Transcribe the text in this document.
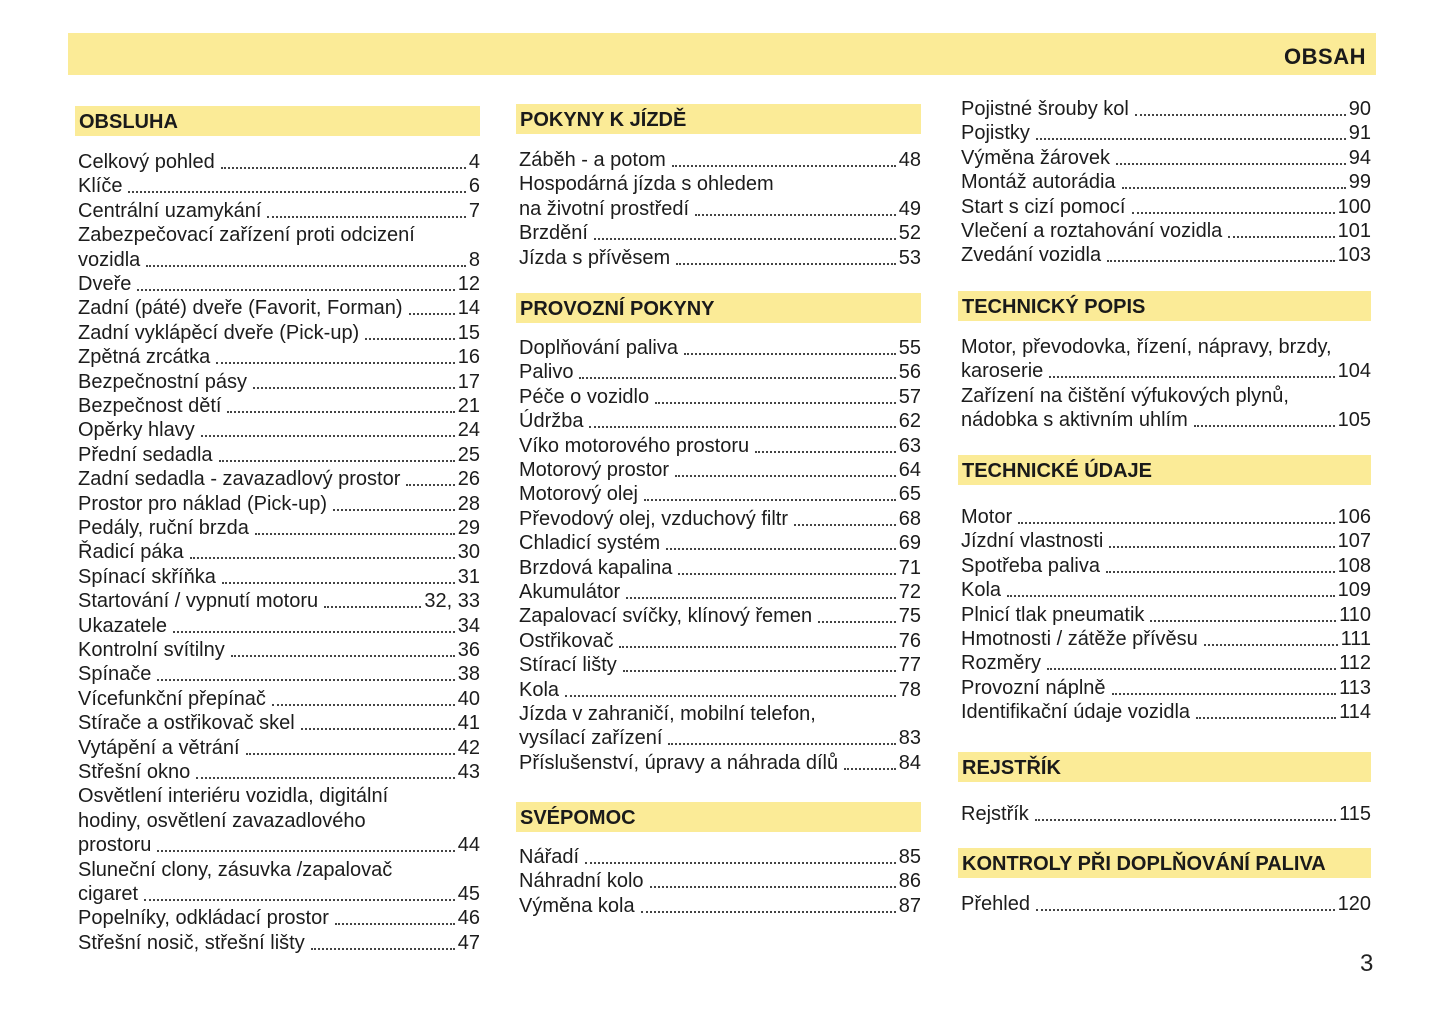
OBSAH
OBSLUHA
Celkový pohled	4
Klíče	6
Centrální uzamykání	7
Zabezpečovací zařízení proti odcizení
vozidla	8
Dveře	12
Zadní (páté) dveře (Favorit, Forman)	14
Zadní vyklápěcí dveře (Pick-up)	15
Zpětná zrcátka	16
Bezpečnostní pásy	17
Bezpečnost dětí	21
Opěrky hlavy	24
Přední sedadla	25
Zadní sedadla - zavazadlový prostor	26
Prostor pro náklad (Pick-up)	28
Pedály, ruční brzda	29
Řadicí páka	30
Spínací skříňka	31
Startování / vypnutí motoru	32, 33
Ukazatele	34
Kontrolní svítilny	36
Spínače	38
Vícefunkční přepínač	40
Stírače a ostřikovač skel	41
Vytápění a větrání	42
Střešní okno	43
Osvětlení interiéru vozidla, digitální
hodiny, osvětlení zavazadlového
prostoru	44
Sluneční clony, zásuvka /zapalovač
cigaret	45
Popelníky, odkládací prostor	46
Střešní nosič, střešní lišty	47
POKYNY K JÍZDĚ
Záběh - a potom	48
Hospodárná jízda s ohledem
na životní prostředí	49
Brzdění	52
Jízda s přívěsem	53
PROVOZNÍ POKYNY
Doplňování paliva	55
Palivo	56
Péče o vozidlo	57
Údržba	62
Víko motorového prostoru	63
Motorový prostor	64
Motorový olej	65
Převodový olej, vzduchový filtr	68
Chladicí systém	69
Brzdová kapalina	71
Akumulátor	72
Zapalovací svíčky, klínový řemen	75
Ostřikovač	76
Stírací lišty	77
Kola	78
Jízda v zahraničí, mobilní telefon,
vysílací zařízení	83
Příslušenství, úpravy a náhrada dílů	84
SVÉPOMOC
Nářadí	85
Náhradní kolo	86
Výměna kola	87
Pojistné šrouby kol	90
Pojistky	91
Výměna žárovek	94
Montáž autorádia	99
Start s cizí pomocí	100
Vlečení a roztahování vozidla	101
Zvedání vozidla	103
TECHNICKÝ POPIS
Motor, převodovka, řízení, nápravy, brzdy,
karoserie	104
Zařízení na čištění výfukových plynů,
nádobka s aktivním uhlím	105
TECHNICKÉ ÚDAJE
Motor	106
Jízdní vlastnosti	107
Spotřeba paliva	108
Kola	109
Plnicí tlak pneumatik	110
Hmotnosti / zátěže přívěsu	111
Rozměry	112
Provozní náplně	113
Identifikační údaje vozidla	114
REJSTŘÍK
Rejstřík	115
KONTROLY PŘI DOPLŇOVÁNÍ PALIVA
Přehled	120
3
